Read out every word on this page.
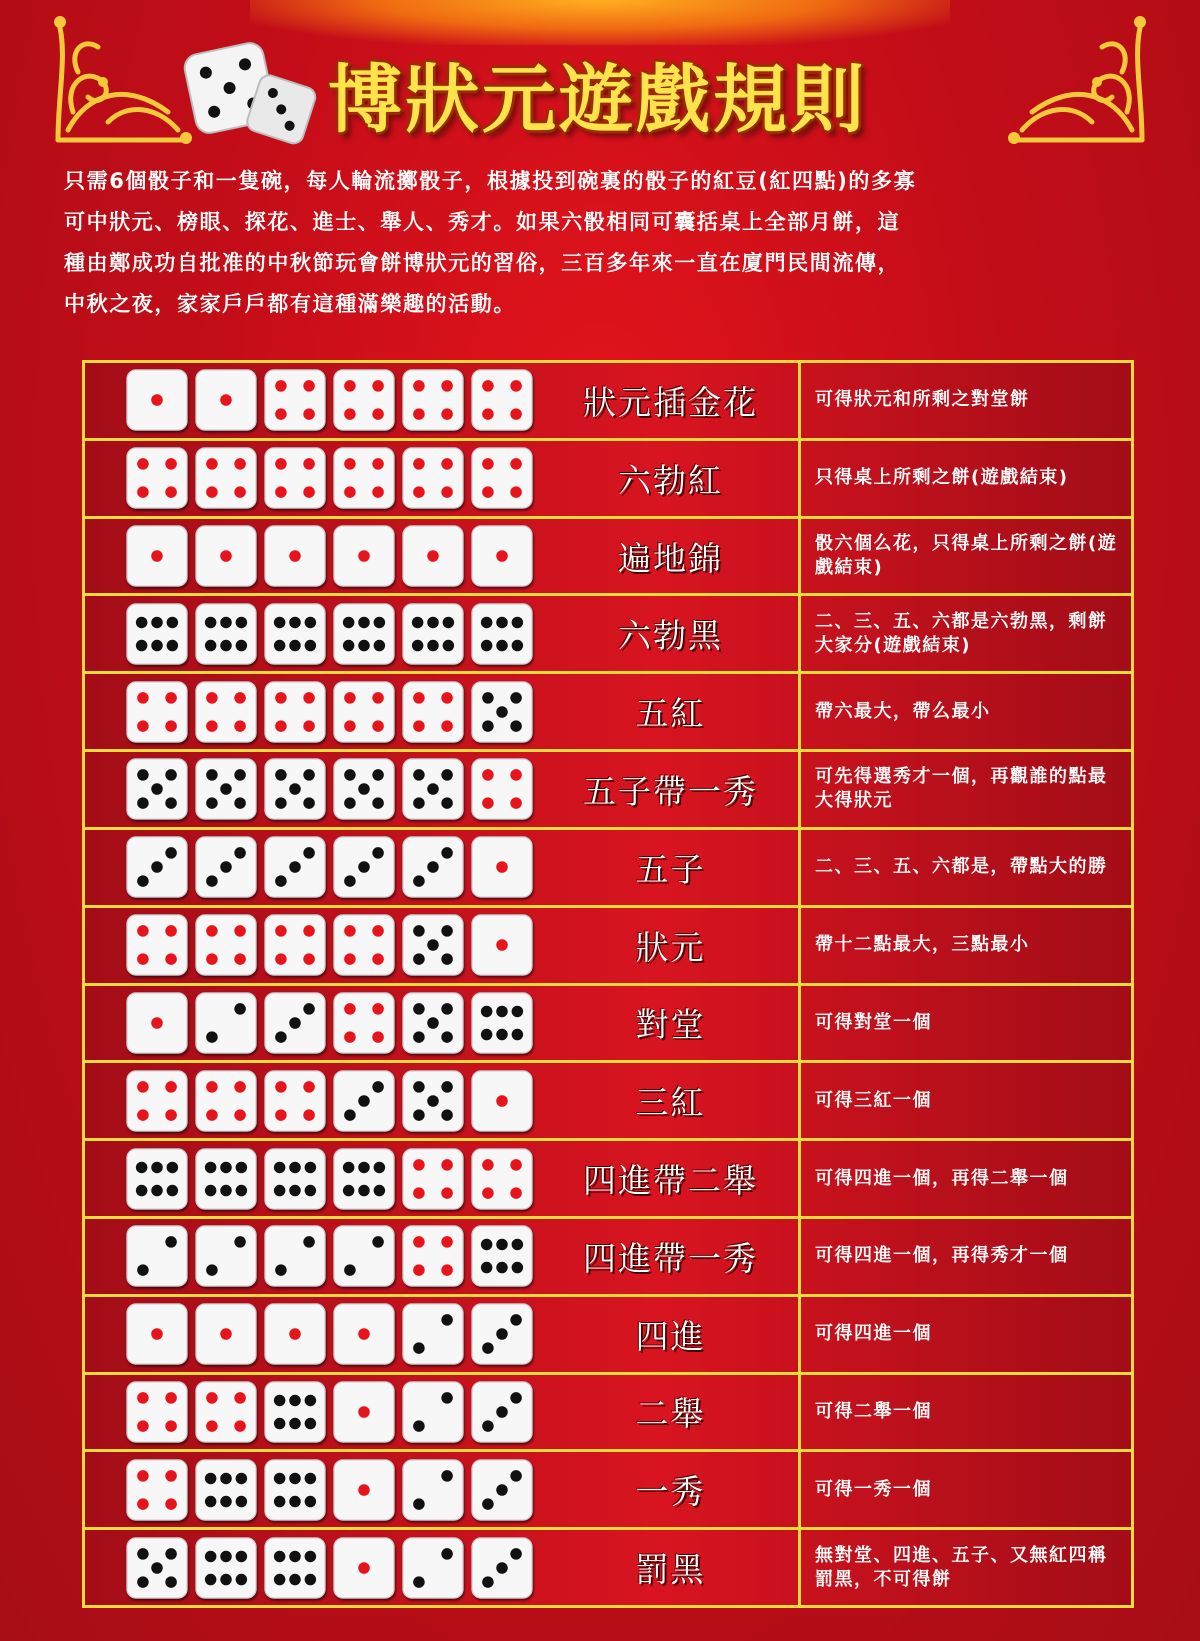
博狀元遊戲規則
只需6個骰子和一隻碗，每人輪流擲骰子，根據投到碗裏的骰子的紅豆(紅四點)的多寡
可中狀元、榜眼、探花、進士、舉人、秀才。如果六骰相同可囊括桌上全部月餅，這
種由鄭成功自批准的中秋節玩會餅博狀元的習俗，三百多年來一直在廈門民間流傳，
中秋之夜，家家戶戶都有這種滿樂趣的活動。
狀元插金花	可得狀元和所剩之對堂餅
六勃紅	只得桌上所剩之餅(遊戲結束)
遍地錦	骰六個么花，只得桌上所剩之餅(遊戲結束)
六勃黑	二、三、五、六都是六勃黑，剩餅大家分(遊戲結束)
五紅	帶六最大，帶么最小
五子帶一秀	可先得選秀才一個，再觀誰的點最大得狀元
五子	二、三、五、六都是，帶點大的勝
狀元	帶十二點最大，三點最小
對堂	可得對堂一個
三紅	可得三紅一個
四進帶二舉	可得四進一個，再得二舉一個
四進帶一秀	可得四進一個，再得秀才一個
四進	可得四進一個
二舉	可得二舉一個
一秀	可得一秀一個
罰黑	無對堂、四進、五子、又無紅四稱罰黑，不可得餅
